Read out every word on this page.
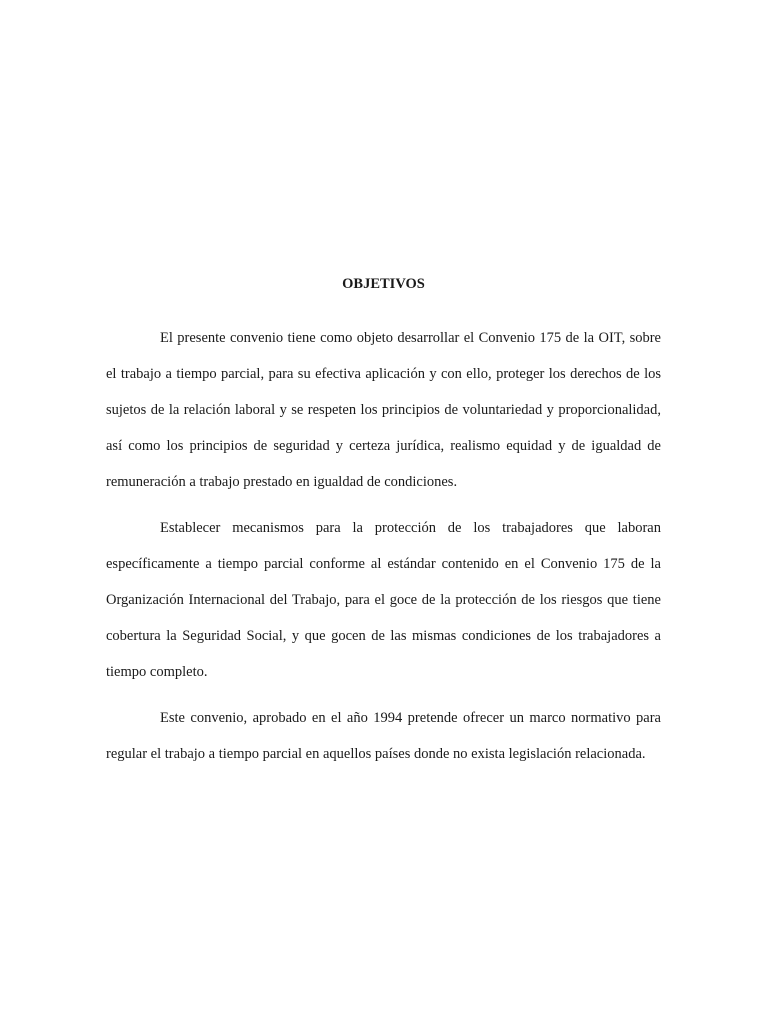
OBJETIVOS

El presente convenio tiene como objeto desarrollar el Convenio 175 de la OIT, sobre el trabajo a tiempo parcial, para su efectiva aplicación y con ello, proteger los derechos de los sujetos de la relación laboral y se respeten los principios de voluntariedad y proporcionalidad, así como los principios de seguridad y certeza jurídica, realismo equidad y de igualdad de remuneración a trabajo prestado en igualdad de condiciones.

Establecer mecanismos para la protección de los trabajadores que laboran específicamente a tiempo parcial conforme al estándar contenido en el Convenio 175 de la Organización Internacional del Trabajo, para el goce de la protección de los riesgos que tiene cobertura la Seguridad Social, y que gocen de las mismas condiciones de los trabajadores a tiempo completo.

Este convenio, aprobado en el año 1994 pretende ofrecer un marco normativo para regular el trabajo a tiempo parcial en aquellos países donde no exista legislación relacionada.
